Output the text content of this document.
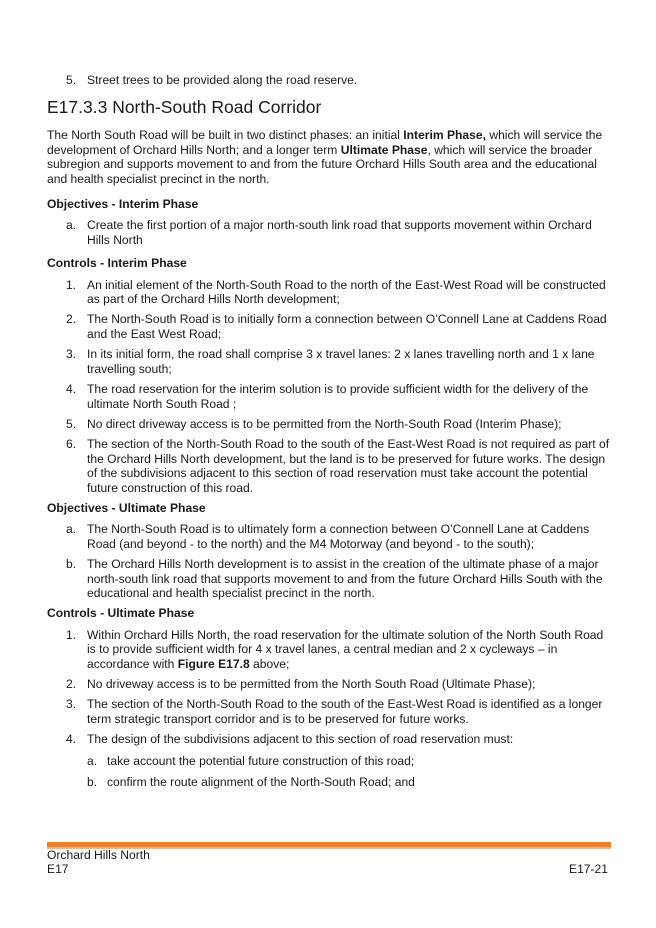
5. Street trees to be provided along the road reserve.
E17.3.3 North-South Road Corridor

The North South Road will be built in two distinct phases: an initial Interim Phase, which will service the development of Orchard Hills North; and a longer term Ultimate Phase, which will service the broader subregion and supports movement to and from the future Orchard Hills South area and the educational and health specialist precinct in the north.

Objectives - Interim Phase
a. Create the first portion of a major north-south link road that supports movement within Orchard Hills North
Controls - Interim Phase
1. An initial element of the North-South Road to the north of the East-West Road will be constructed as part of the Orchard Hills North development;
2. The North-South Road is to initially form a connection between O’Connell Lane at Caddens Road and the East West Road;
3. In its initial form, the road shall comprise 3 x travel lanes: 2 x lanes travelling north and 1 x lane travelling south;
4. The road reservation for the interim solution is to provide sufficient width for the delivery of the ultimate North South Road ;
5. No direct driveway access is to be permitted from the North-South Road (Interim Phase);
6. The section of the North-South Road to the south of the East-West Road is not required as part of the Orchard Hills North development, but the land is to be preserved for future works. The design of the subdivisions adjacent to this section of road reservation must take account the potential future construction of this road.
Objectives - Ultimate Phase
a. The North-South Road is to ultimately form a connection between O’Connell Lane at Caddens Road (and beyond - to the north) and the M4 Motorway (and beyond - to the south);
b. The Orchard Hills North development is to assist in the creation of the ultimate phase of a major north-south link road that supports movement to and from the future Orchard Hills South with the educational and health specialist precinct in the north.
Controls - Ultimate Phase
1. Within Orchard Hills North, the road reservation for the ultimate solution of the North South Road is to provide sufficient width for 4 x travel lanes, a central median and 2 x cycleways – in accordance with Figure E17.8 above;
2. No driveway access is to be permitted from the North South Road (Ultimate Phase);
3. The section of the North-South Road to the south of the East-West Road is identified as a longer term strategic transport corridor and is to be preserved for future works.
4. The design of the subdivisions adjacent to this section of road reservation must:
a. take account the potential future construction of this road;
b. confirm the route alignment of the North-South Road; and
Orchard Hills North
E17	E17-21
